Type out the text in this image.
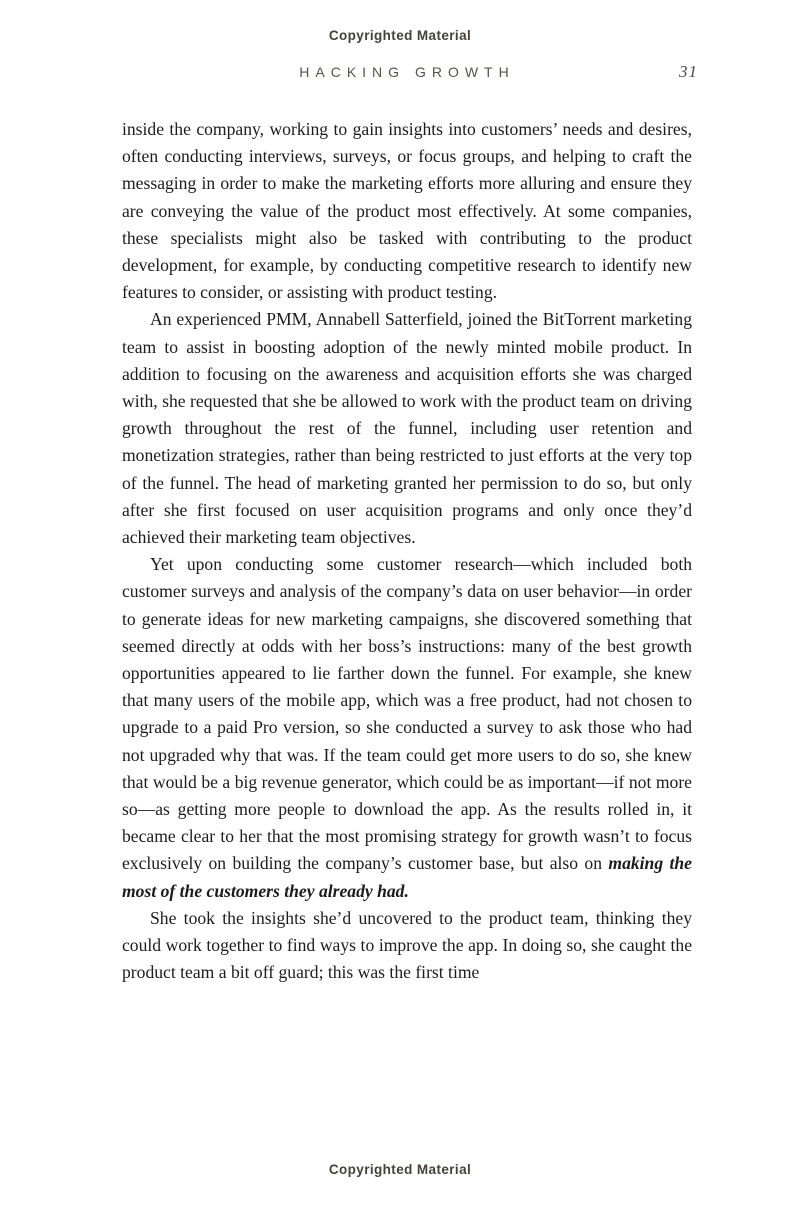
Copyrighted Material
HACKING GROWTH	31

inside the company, working to gain insights into customers’ needs and desires, often conducting interviews, surveys, or focus groups, and helping to craft the messaging in order to make the marketing efforts more alluring and ensure they are conveying the value of the product most effectively. At some companies, these specialists might also be tasked with contributing to the product development, for example, by conducting competitive research to identify new features to consider, or assisting with product testing.

An experienced PMM, Annabell Satterfield, joined the BitTorrent marketing team to assist in boosting adoption of the newly minted mobile product. In addition to focusing on the awareness and acquisition efforts she was charged with, she requested that she be allowed to work with the product team on driving growth throughout the rest of the funnel, including user retention and monetization strategies, rather than being restricted to just efforts at the very top of the funnel. The head of marketing granted her permission to do so, but only after she first focused on user acquisition programs and only once they’d achieved their marketing team objectives.

Yet upon conducting some customer research—which included both customer surveys and analysis of the company’s data on user behavior—in order to generate ideas for new marketing campaigns, she discovered something that seemed directly at odds with her boss’s instructions: many of the best growth opportunities appeared to lie farther down the funnel. For example, she knew that many users of the mobile app, which was a free product, had not chosen to upgrade to a paid Pro version, so she conducted a survey to ask those who had not upgraded why that was. If the team could get more users to do so, she knew that would be a big revenue generator, which could be as important—if not more so—as getting more people to download the app. As the results rolled in, it became clear to her that the most promising strategy for growth wasn’t to focus exclusively on building the company’s customer base, but also on making the most of the customers they already had.

She took the insights she’d uncovered to the product team, thinking they could work together to find ways to improve the app. In doing so, she caught the product team a bit off guard; this was the first time

Copyrighted Material
